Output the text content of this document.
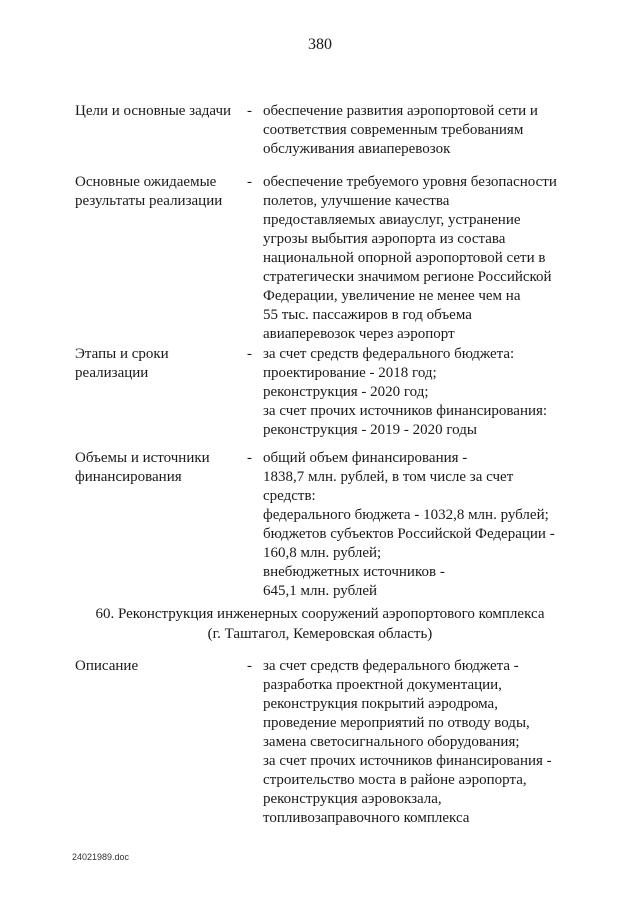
380
Цели и основные задачи	- обеспечение развития аэропортовой сети и
соответствия современным требованиям
обслуживания авиаперевозок
Основные ожидаемые
результаты реализации
- обеспечение требуемого уровня безопасности
полетов, улучшение качества
предоставляемых авиауслуг, устранение
угрозы выбытия аэропорта из состава
национальной опорной аэропортовой сети в
стратегически значимом регионе Российской
Федерации, увеличение не менее чем на
55 тыс. пассажиров в год объема
авиаперевозок через аэропорт
Этапы и сроки
реализации
- за счет средств федерального бюджета:
проектирование - 2018 год;
реконструкция - 2020 год;
за счет прочих источников финансирования:
реконструкция - 2019 - 2020 годы
Объемы и источники
финансирования
- общий объем финансирования -
1838,7 млн. рублей, в том числе за счет
средств:
федерального бюджета - 1032,8 млн. рублей;
бюджетов субъектов Российской Федерации -
160,8 млн. рублей;
внебюджетных источников -
645,1 млн. рублей
60. Реконструкция инженерных сооружений аэропортового комплекса
(г. Таштагол, Кемеровская область)
Описание	- за счет средств федерального бюджета -
разработка проектной документации,
реконструкция покрытий аэродрома,
проведение мероприятий по отводу воды,
замена светосигнального оборудования;
за счет прочих источников финансирования -
строительство моста в районе аэропорта,
реконструкция аэровокзала,
топливозаправочного комплекса
24021989.doc
